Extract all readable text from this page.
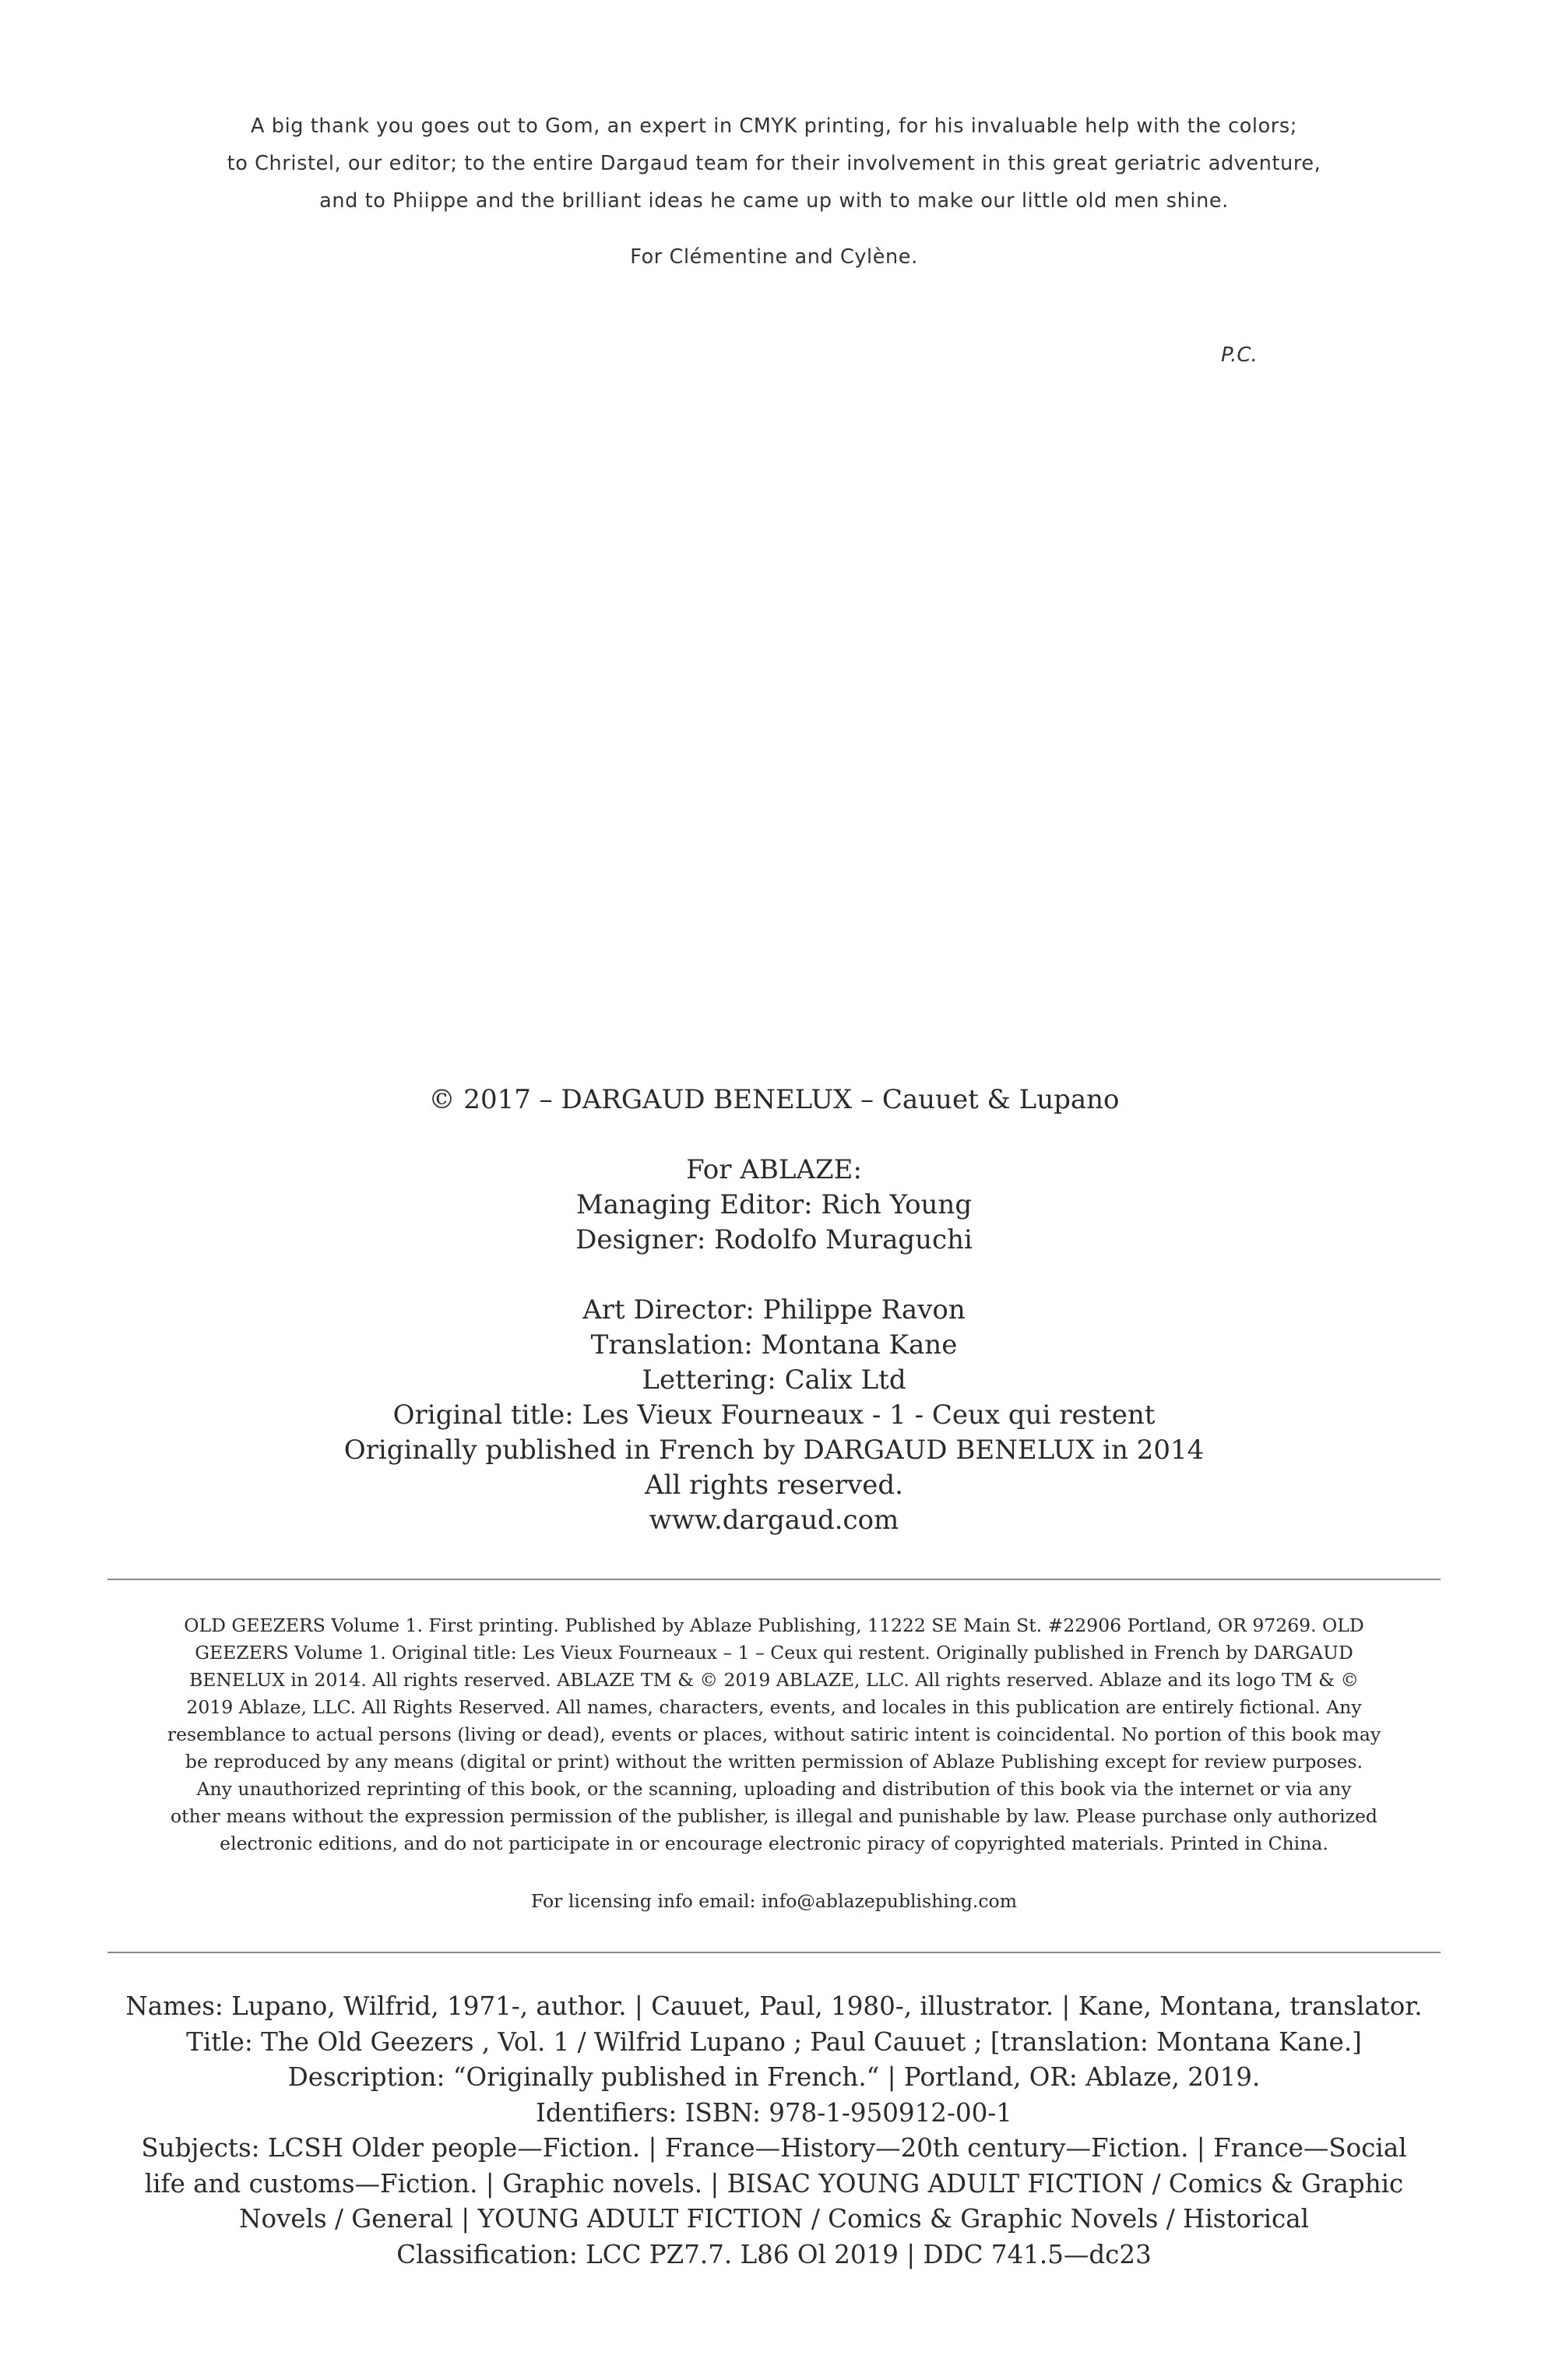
A big thank you goes out to Gom, an expert in CMYK printing, for his invaluable help with the colors;

to Christel, our editor; to the entire Dargaud team for their involvement in this great geriatric adventure,

and to Phiippe and the brilliant ideas he came up with to make our little old men shine.

For Clémentine and Cylène.

P.C.

© 2017 – DARGAUD BENELUX – Cauuet & Lupano

For ABLAZE:

Managing Editor: Rich Young

Designer: Rodolfo Muraguchi

Art Director: Philippe Ravon

Translation: Montana Kane

Lettering: Calix Ltd

Original title: Les Vieux Fourneaux - 1 - Ceux qui restent

Originally published in French by DARGAUD BENELUX in 2014

All rights reserved.

www.dargaud.com

OLD GEEZERS Volume 1. First printing. Published by Ablaze Publishing, 11222 SE Main St. #22906 Portland, OR 97269. OLD

GEEZERS Volume 1. Original title: Les Vieux Fourneaux – 1 – Ceux qui restent. Originally published in French by DARGAUD

BENELUX in 2014. All rights reserved. ABLAZE TM & © 2019 ABLAZE, LLC. All rights reserved. Ablaze and its logo TM & ©

2019 Ablaze, LLC. All Rights Reserved. All names, characters, events, and locales in this publication are entirely fictional. Any

resemblance to actual persons (living or dead), events or places, without satiric intent is coincidental. No portion of this book may

be reproduced by any means (digital or print) without the written permission of Ablaze Publishing except for review purposes.

Any unauthorized reprinting of this book, or the scanning, uploading and distribution of this book via the internet or via any

other means without the expression permission of the publisher, is illegal and punishable by law. Please purchase only authorized

electronic editions, and do not participate in or encourage electronic piracy of copyrighted materials. Printed in China.

For licensing info email: info@ablazepublishing.com

Names: Lupano, Wilfrid, 1971-, author. | Cauuet, Paul, 1980-, illustrator. | Kane, Montana, translator.

Title: The Old Geezers , Vol. 1 / Wilfrid Lupano ; Paul Cauuet ; [translation: Montana Kane.]

Description: “Originally published in French.“ | Portland, OR: Ablaze, 2019.

Identifiers: ISBN: 978-1-950912-00-1

Subjects: LCSH Older people—Fiction. | France—History—20th century—Fiction. | France—Social

life and customs—Fiction. | Graphic novels. | BISAC YOUNG ADULT FICTION / Comics & Graphic

Novels / General | YOUNG ADULT FICTION / Comics & Graphic Novels / Historical

Classification: LCC PZ7.7. L86 Ol 2019 | DDC 741.5—dc23
